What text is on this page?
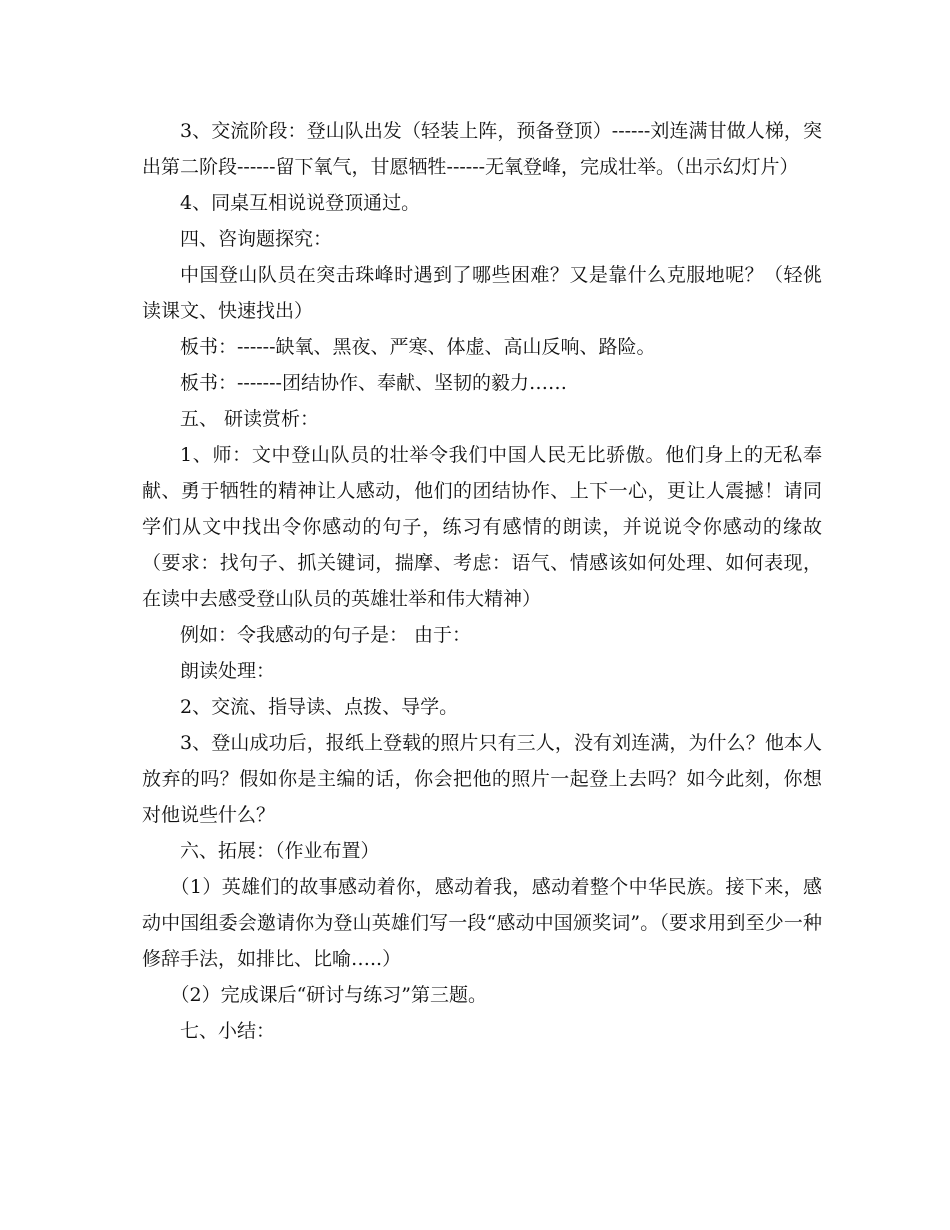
3、交流阶段：登山队出发（轻装上阵，预备登顶）------刘连满甘做人梯，突出第二阶段------留下氧气，甘愿牺牲------无氧登峰，完成壮举。（出示幻灯片）

4、同桌互相说说登顶通过。

四、咨询题探究：

中国登山队员在突击珠峰时遇到了哪些困难？又是靠什么克服地呢？（轻佻读课文、快速找出）

板书：------缺氧、黑夜、严寒、体虚、高山反响、路险。

板书：-------团结协作、奉献、坚韧的毅力……

五、 研读赏析：

1、师：文中登山队员的壮举令我们中国人民无比骄傲。他们身上的无私奉献、勇于牺牲的精神让人感动，他们的团结协作、上下一心，更让人震撼！请同学们从文中找出令你感动的句子，练习有感情的朗读，并说说令你感动的缘故（要求：找句子、抓关键词，揣摩、考虑：语气、情感该如何处理、如何表现，在读中去感受登山队员的英雄壮举和伟大精神）

例如：令我感动的句子是： 由于：

朗读处理：

2、交流、指导读、点拨、导学。

3、登山成功后，报纸上登载的照片只有三人，没有刘连满，为什么？他本人放弃的吗？假如你是主编的话，你会把他的照片一起登上去吗？如今此刻，你想对他说些什么？

六、拓展：（作业布置）

（1）英雄们的故事感动着你，感动着我，感动着整个中华民族。接下来，感动中国组委会邀请你为登山英雄们写一段“感动中国颁奖词”。（要求用到至少一种修辞手法，如排比、比喻…..）

（2）完成课后“研讨与练习”第三题。

七、小结：
